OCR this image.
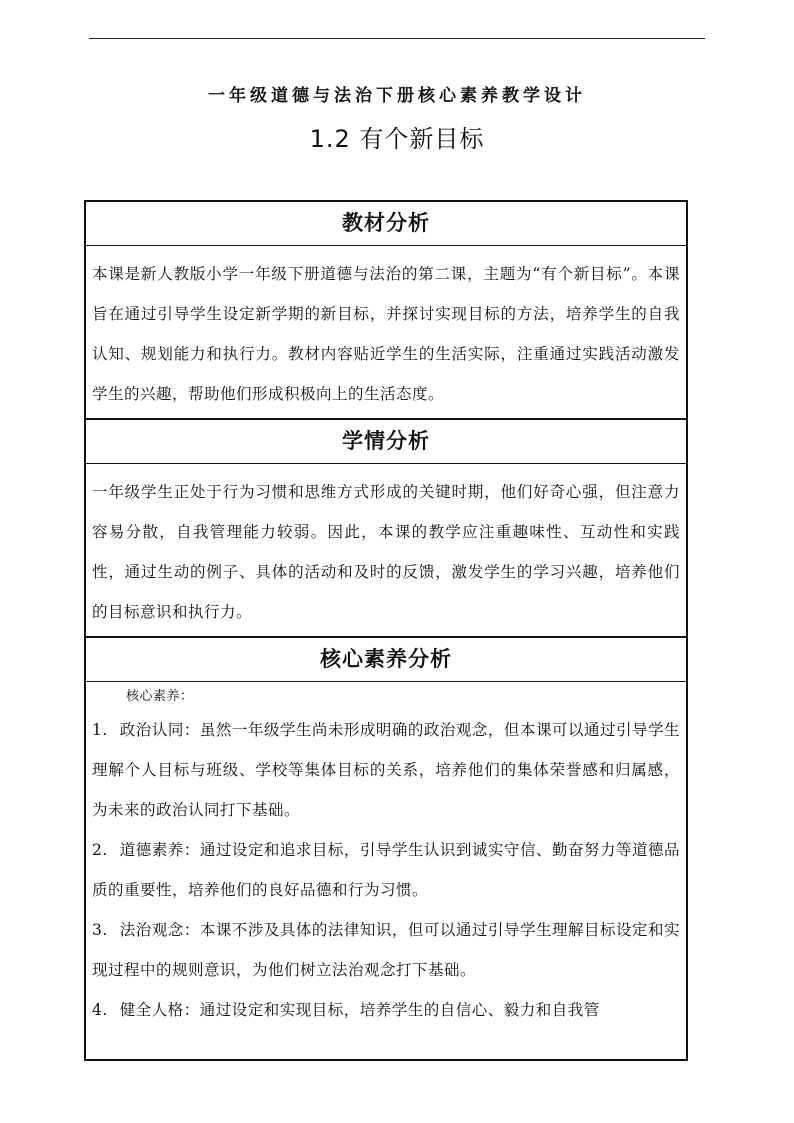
一年级道德与法治下册核心素养教学设计
1.2 有个新目标
教材分析
本课是新人教版小学一年级下册道德与法治的第二课，主题为“有个新目标”。本课旨在通过引导学生设定新学期的新目标，并探讨实现目标的方法，培养学生的自我认知、规划能力和执行力。教材内容贴近学生的生活实际，注重通过实践活动激发学生的兴趣，帮助他们形成积极向上的生活态度。
学情分析
一年级学生正处于行为习惯和思维方式形成的关键时期，他们好奇心强，但注意力容易分散，自我管理能力较弱。因此，本课的教学应注重趣味性、互动性和实践性，通过生动的例子、具体的活动和及时的反馈，激发学生的学习兴趣，培养他们的目标意识和执行力。
核心素养分析
核心素养：

1. 政治认同：虽然一年级学生尚未形成明确的政治观念，但本课可以通过引导学生理解个人目标与班级、学校等集体目标的关系，培养他们的集体荣誉感和归属感，为未来的政治认同打下基础。

2. 道德素养：通过设定和追求目标，引导学生认识到诚实守信、勤奋努力等道德品质的重要性，培养他们的良好品德和行为习惯。

3. 法治观念：本课不涉及具体的法律知识，但可以通过引导学生理解目标设定和实现过程中的规则意识，为他们树立法治观念打下基础。

4. 健全人格：通过设定和实现目标，培养学生的自信心、毅力和自我管
